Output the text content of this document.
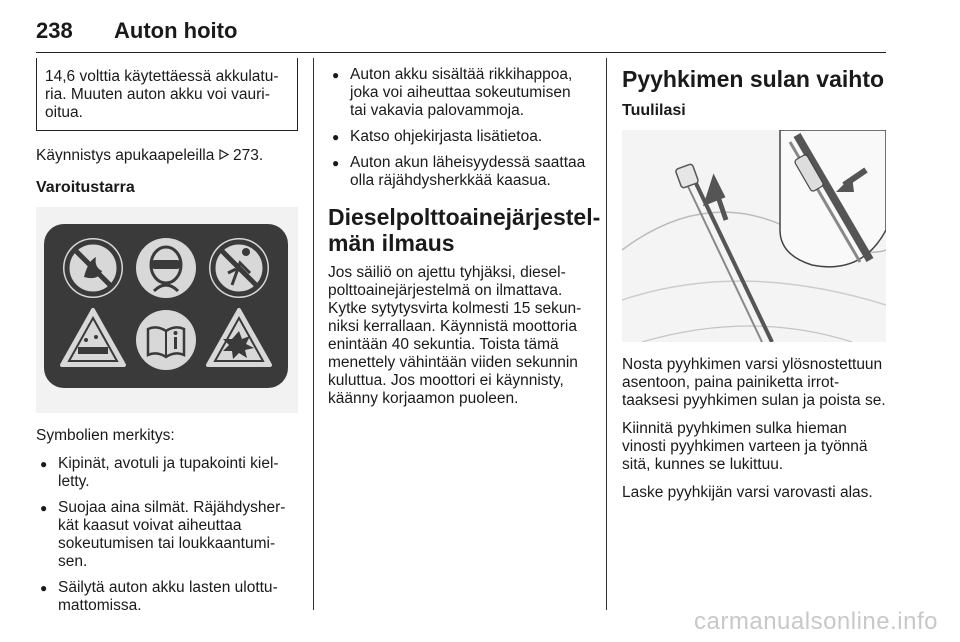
238 Auton hoito
14,6 volttia käytettäessä akkulaturia. Muuten auton akku voi vaurioitua.

Käynnistys apukaapeleilla 273.

Varoitustarra

Symbolien merkitys:

● Kipinät, avotuli ja tupakointi kielletty.
● Suojaa aina silmät. Räjähdysherkät kaasut voivat aiheuttaa sokeutumisen tai loukkaantumisen.
● Säilytä auton akku lasten ulottumattomissa.
● Auton akku sisältää rikkihappoa, joka voi aiheuttaa sokeutumisen tai vakavia palovammoja.
● Katso ohjekirjasta lisätietoa.
● Auton akun läheisyydessä saattaa olla räjähdysherkkää kaasua.
Dieselpolttoainejärjestelmän ilmaus

Jos säiliö on ajettu tyhjäksi, dieselpolttoainejärjestelmä on ilmattava. Kytke sytytysvirta kolmesti 15 sekunniksi kerrallaan. Käynnistä moottoria enintään 40 sekuntia. Toista tämä menettely vähintään viiden sekunnin kuluttua. Jos moottori ei käynnisty, käänny korjaamon puoleen.

Pyyhkimen sulan vaihto
Tuulilasi

Nosta pyyhkimen varsi ylösnostettuun asentoon, paina painiketta irrottaaksesi pyyhkimen sulan ja poista se.

Kiinnitä pyyhkimen sulka hieman vinosti pyyhkimen varteen ja työnnä sitä, kunnes se lukittuu.

Laske pyyhkijän varsi varovasti alas.

carmanualsonline.info
